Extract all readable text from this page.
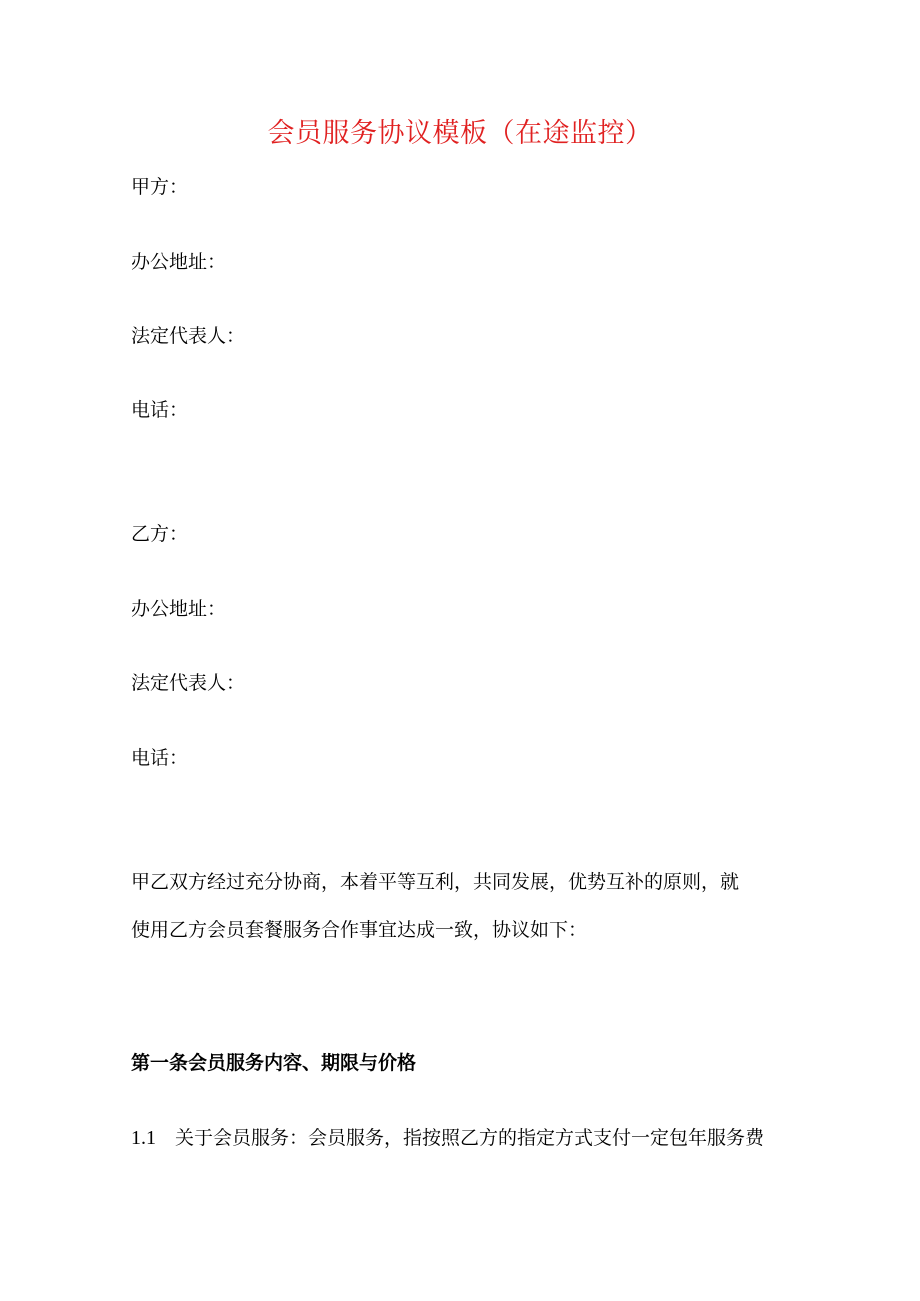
会员服务协议模板（在途监控）
甲方：
办公地址：
法定代表人：
电话：
乙方：
办公地址：
法定代表人：
电话：
甲乙双方经过充分协商，本着平等互利，共同发展，优势互补的原则，就
使用乙方会员套餐服务合作事宜达成一致，协议如下：
第一条会员服务内容、期限与价格
1.1 关于会员服务：会员服务，指按照乙方的指定方式支付一定包年服务费
